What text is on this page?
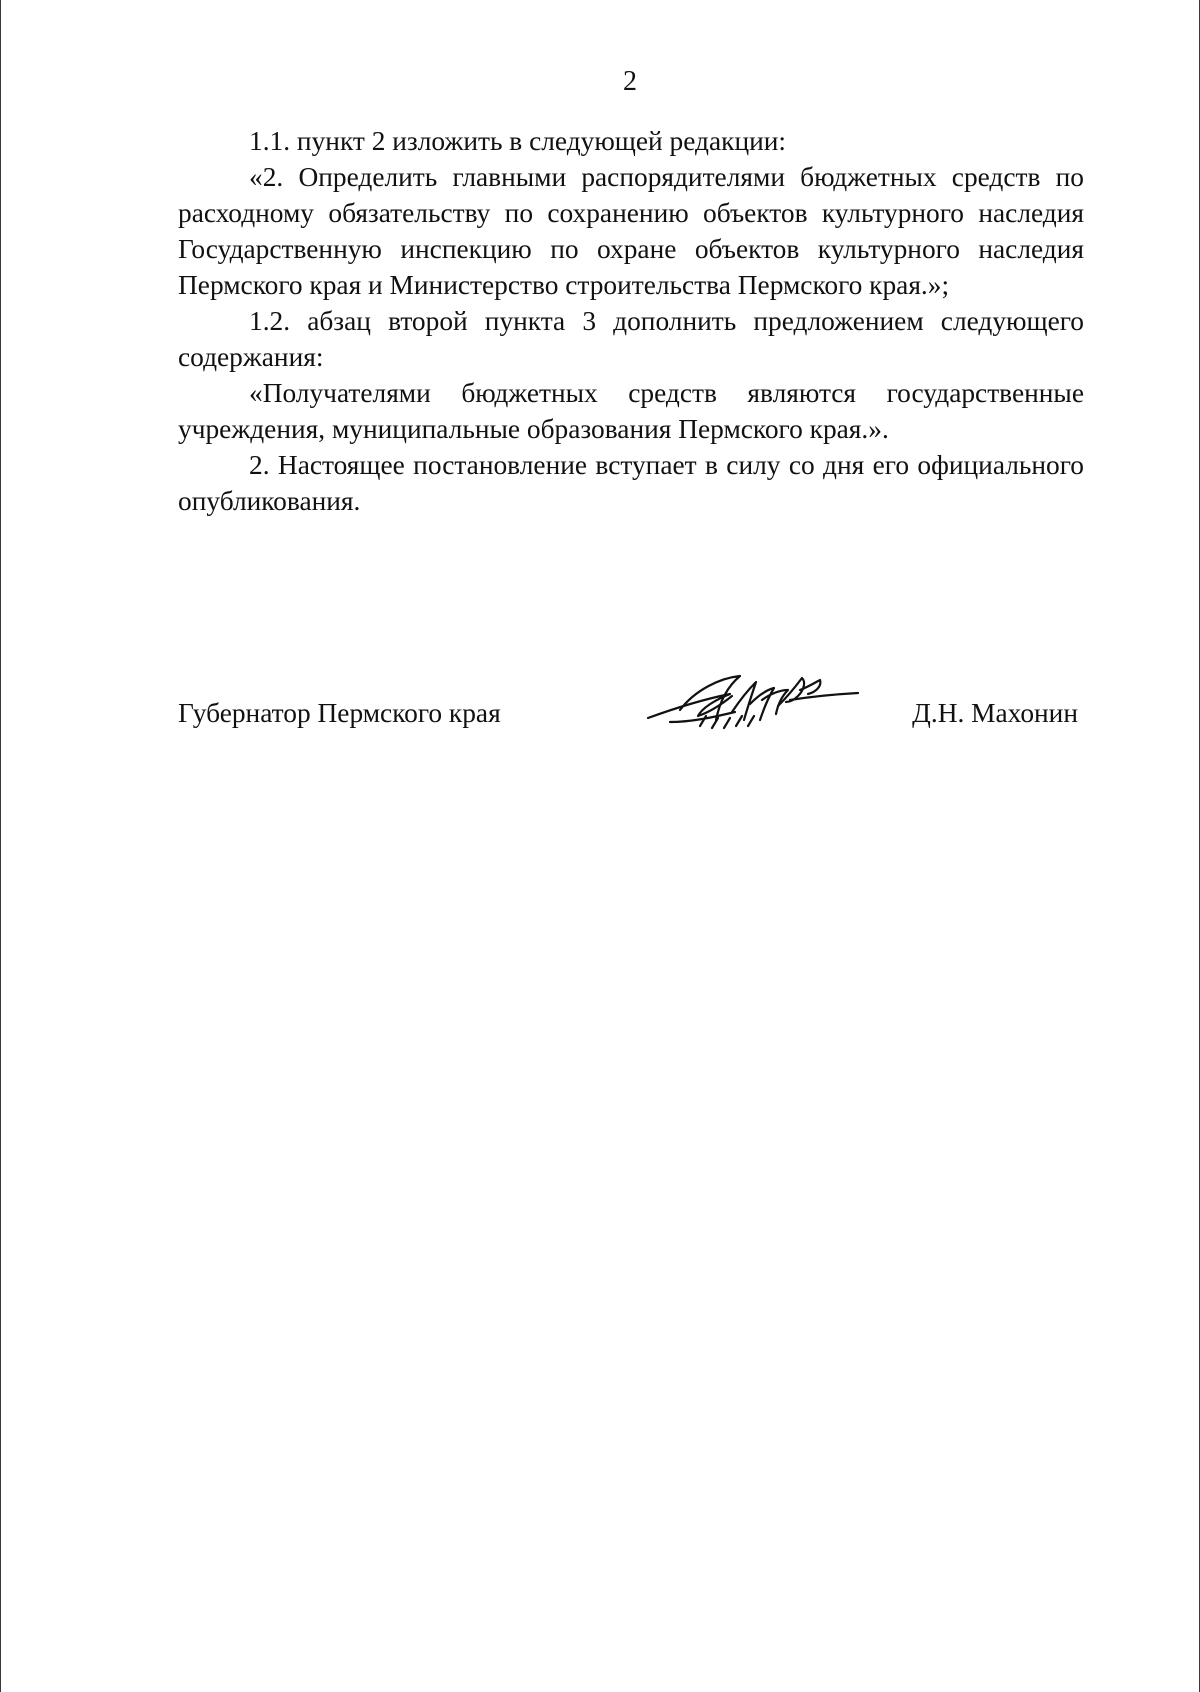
2

1.1. пункт 2 изложить в следующей редакции:

«2. Определить главными распорядителями бюджетных средств по расходному обязательству по сохранению объектов культурного наследия Государственную инспекцию по охране объектов культурного наследия Пермского края и Министерство строительства Пермского края.»;

1.2. абзац второй пункта 3 дополнить предложением следующего содержания:

«Получателями бюджетных средств являются государственные учреждения, муниципальные образования Пермского края.».

2. Настоящее постановление вступает в силу со дня его официального опубликования.

Губернатор Пермского края	Д.Н. Махонин
